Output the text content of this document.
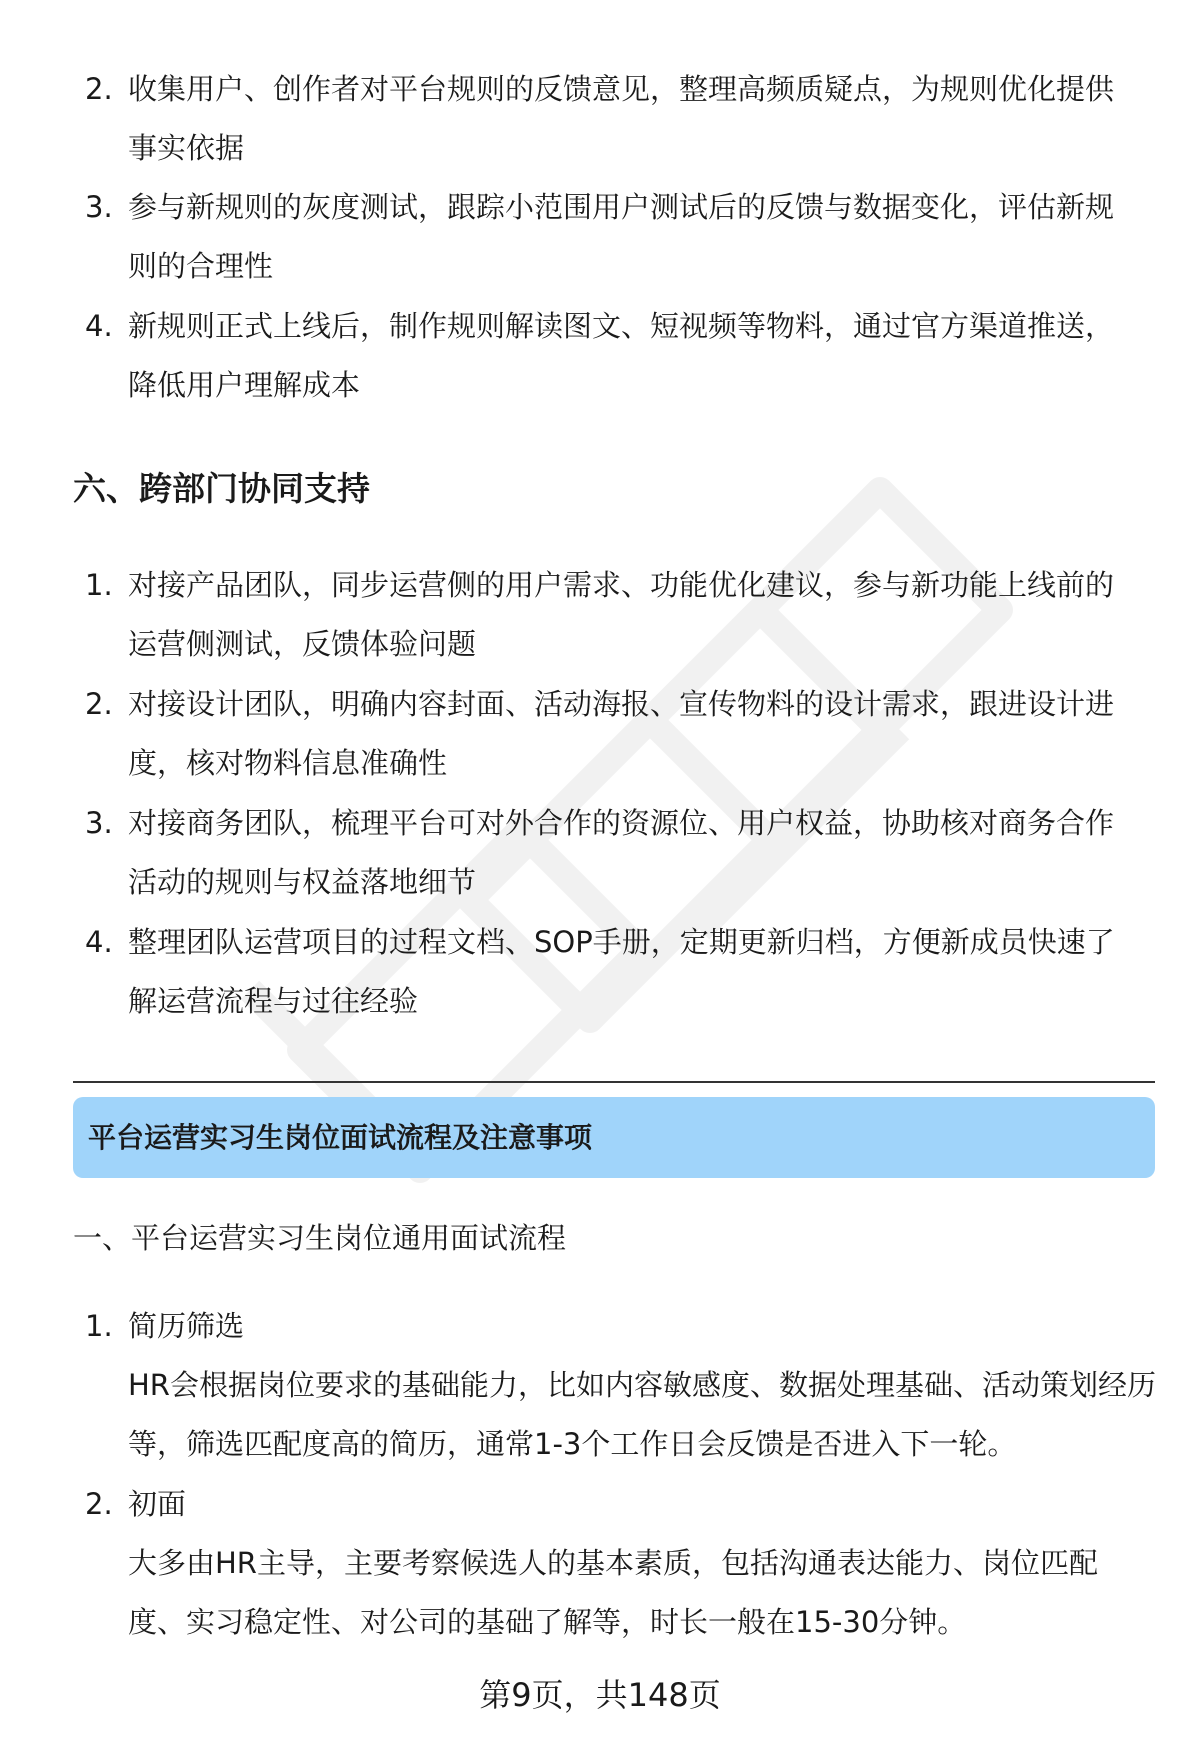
2. 收集用户、创作者对平台规则的反馈意见，整理高频质疑点，为规则优化提供事实依据
3. 参与新规则的灰度测试，跟踪小范围用户测试后的反馈与数据变化，评估新规则的合理性
4. 新规则正式上线后，制作规则解读图文、短视频等物料，通过官方渠道推送，降低用户理解成本
六、跨部门协同支持
1. 对接产品团队，同步运营侧的用户需求、功能优化建议，参与新功能上线前的运营侧测试，反馈体验问题
2. 对接设计团队，明确内容封面、活动海报、宣传物料的设计需求，跟进设计进度，核对物料信息准确性
3. 对接商务团队，梳理平台可对外合作的资源位、用户权益，协助核对商务合作活动的规则与权益落地细节
4. 整理团队运营项目的过程文档、SOP手册，定期更新归档，方便新成员快速了解运营流程与过往经验
平台运营实习生岗位面试流程及注意事项
一、平台运营实习生岗位通用面试流程
1. 简历筛选
HR会根据岗位要求的基础能力，比如内容敏感度、数据处理基础、活动策划经历等，筛选匹配度高的简历，通常1-3个工作日会反馈是否进入下一轮。
2. 初面
大多由HR主导，主要考察候选人的基本素质，包括沟通表达能力、岗位匹配度、实习稳定性、对公司的基础了解等，时长一般在15-30分钟。
第9页，共148页
